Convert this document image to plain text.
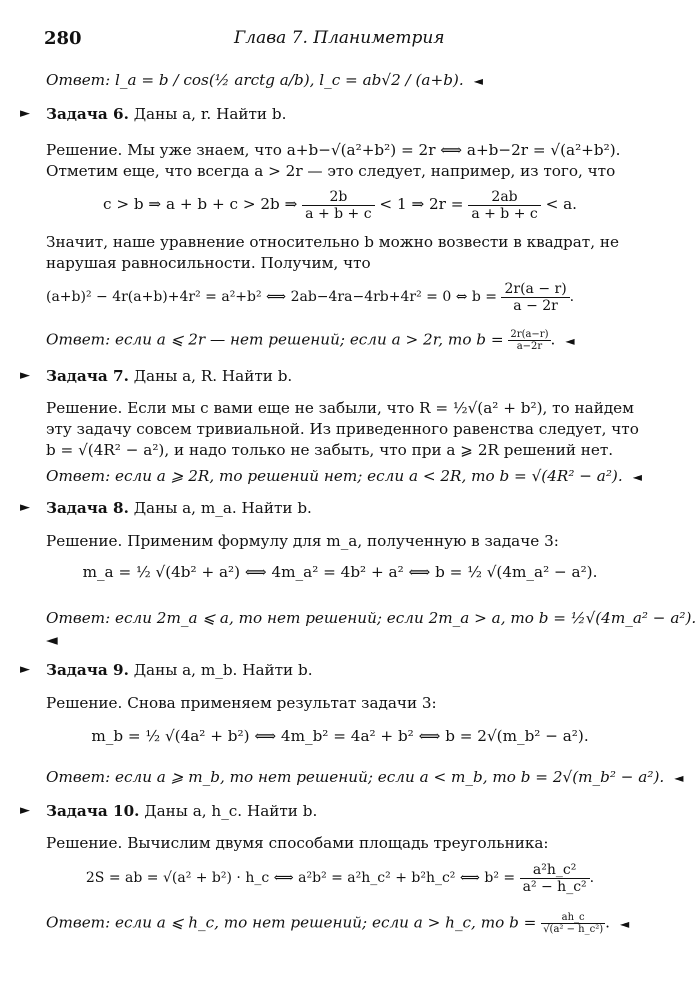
280	Глава 7. Планиметрия
Ответ: l_a = b / cos(½ arctg a/b), l_c = ab√2 / (a+b). ◄
► Задача 6. Даны a, r. Найти b.
Решение. Мы уже знаем, что a+b−√(a²+b²) = 2r ⟺ a+b−2r = √(a²+b²).
Отметим еще, что всегда a > 2r — это следует, например, из того, что
c > b ⇒ a + b + c > 2b ⇒ $\frac{2b}{a + b + c} < 1$ ⇒ $2r = \frac{2ab}{a + b + c} < a$.
Значит, наше уравнение относительно b можно возвести в квадрат, не
нарушая равносильности. Получим, что
(a+b)² − 4r(a+b)+4r² = a²+b² ⟺ 2ab−4ra−4rb+4r² = 0 ⇔ $b = \frac{2r(a - r)}{a - 2r}$ .
Ответ: если a ⩽ 2r — нет решений; если a > 2r, то $b = \frac{2r(a-r)}{a-2r}$ . ◄
► Задача 7. Даны a, R. Найти b.
Решение. Если мы с вами еще не забыли, что R = ½√(a² + b²), то найдем
эту задачу совсем тривиальной. Из приведенного равенства следует, что
b = √(4R² − a²), и надо только не забыть, что при a ⩾ 2R решений нет.
Ответ: если a ⩾ 2R, то решений нет; если a < 2R, то b = √(4R² − a²). ◄
► Задача 8. Даны a, m_a. Найти b.
Решение. Применим формулу для m_a, полученную в задаче 3:
m_a = ½ √(4b² + a²) ⟺ 4m_a² = 4b² + a² ⟺ b = ½ √(4m_a² − a²).
Ответ: если 2m_a ⩽ a, то нет решений; если 2m_a > a, то b = ½√(4m_a² − a²).
◄
► Задача 9. Даны a, m_b. Найти b.
Решение. Снова применяем результат задачи 3:
m_b = ½ √(4a² + b²) ⟺ 4m_b² = 4a² + b² ⟺ b = 2√(m_b² − a²).
Ответ: если a ⩾ m_b, то нет решений; если a < m_b, то b = 2√(m_b² − a²). ◄
► Задача 10. Даны a, h_c. Найти b.
Решение. Вычислим двумя способами площадь треугольника:
2S = ab = √(a² + b²) · h_c ⟺ a²b² = a²h_c² + b²h_c² ⟺ $b^2 = \frac{\text{a²h\_c²}}{\text{a² − h\_c²}}$ .
Ответ: если a ⩽ h_c, то нет решений; если a > h_c, то $b = \frac{ah\_c}{\text{√(a² − h\_c²)}}$ . ◄
